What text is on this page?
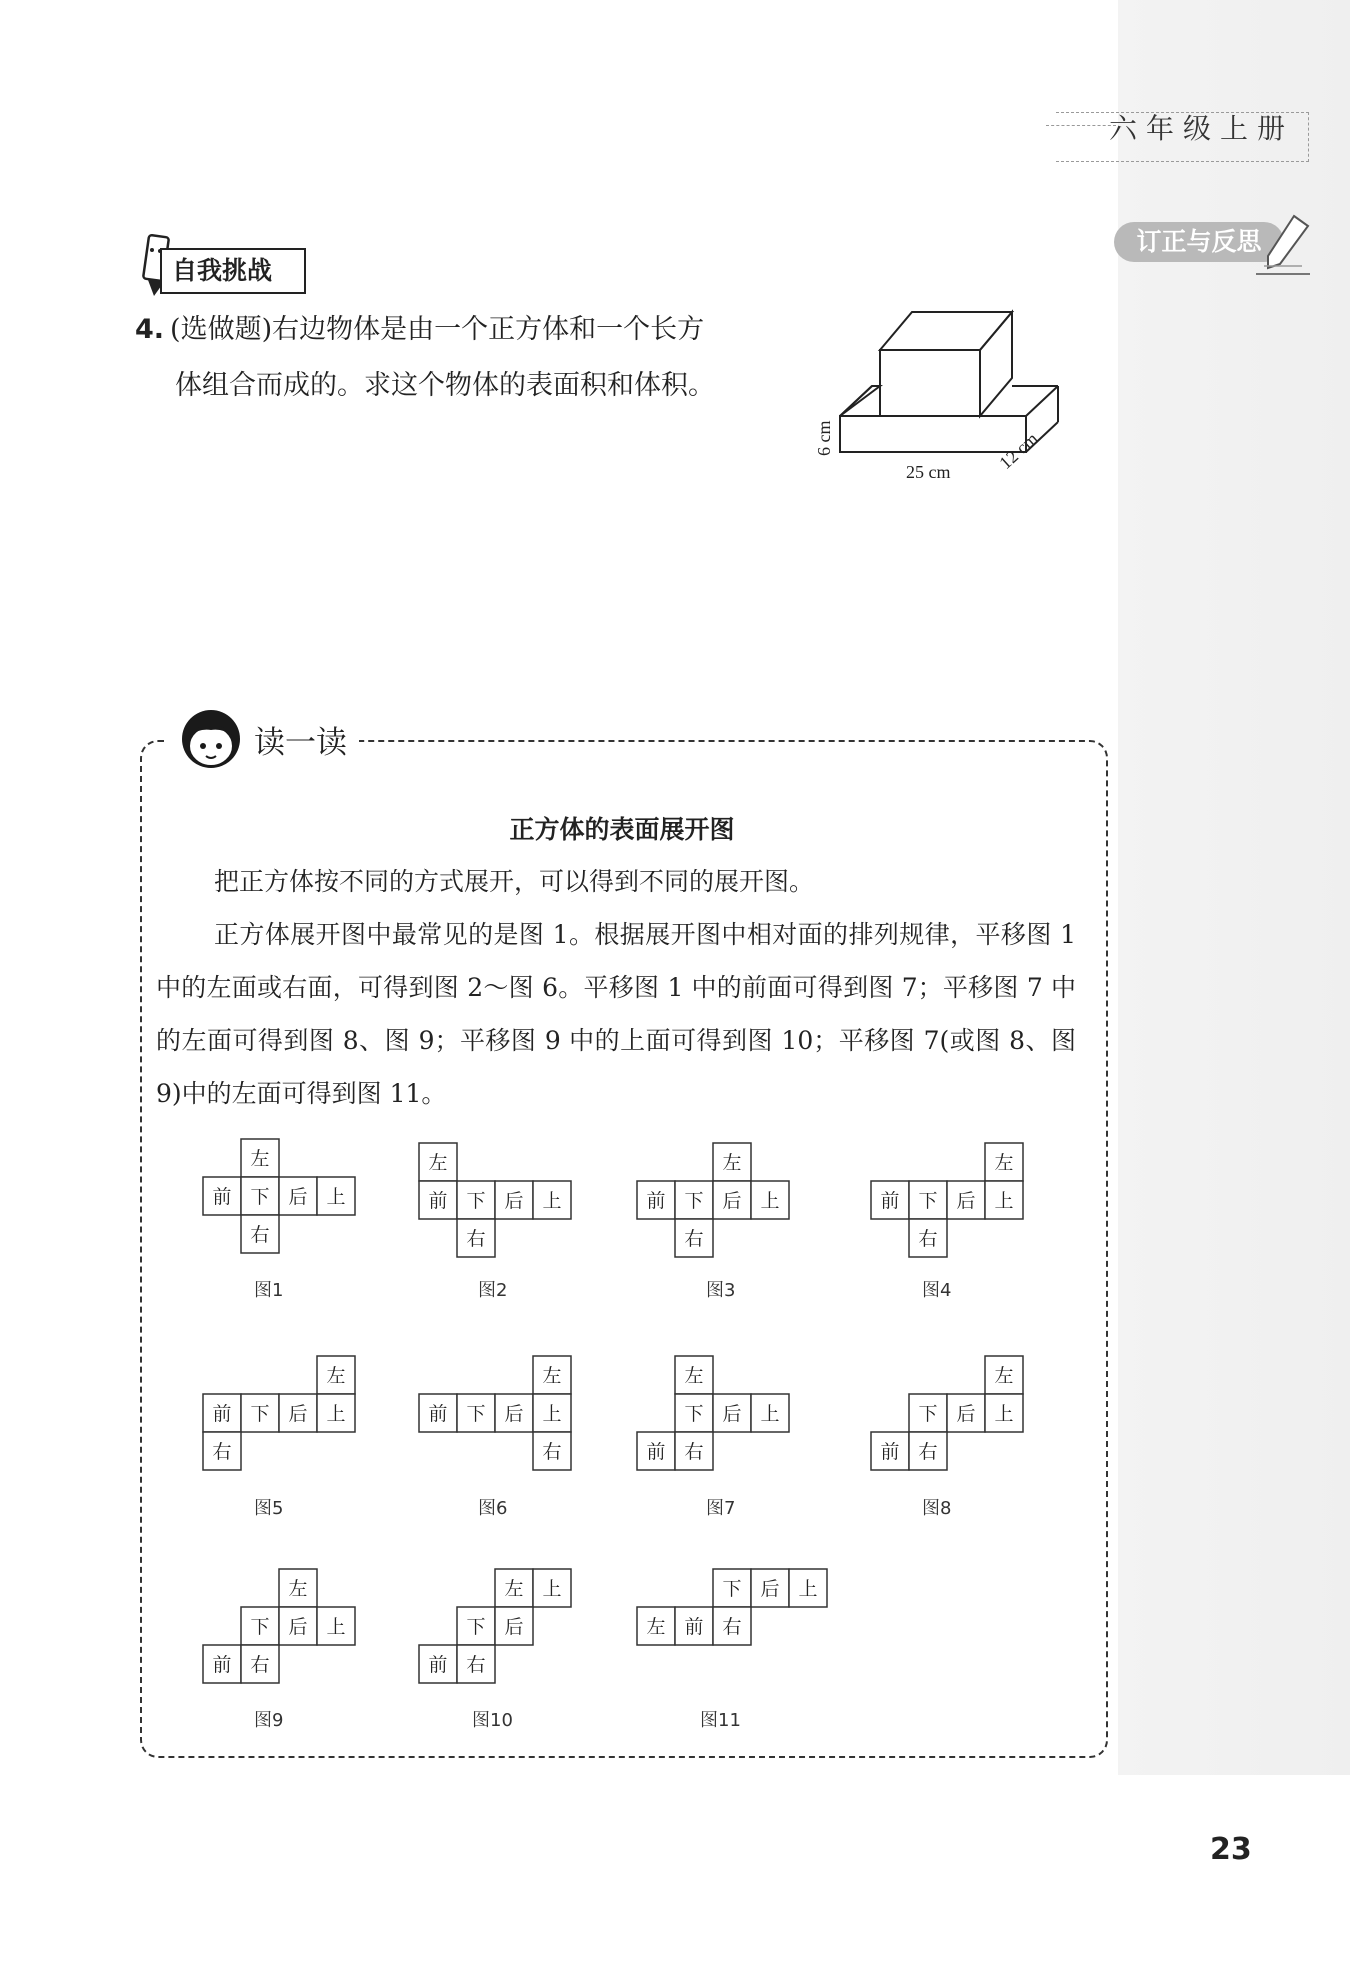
六年级上册
订正与反思
自我挑战
4. (选做题)右边物体是由一个正方体和一个长方
体组合而成的。求这个物体的表面积和体积。
6 cm
25 cm 12 cm
读一读
正方体的表面展开图
把正方体按不同的方式展开，可以得到不同的展开图。
正方体展开图中最常见的是图 1。根据展开图中相对面的排列规律，平移图 1 中的左面或右面，可得到图 2～图 6。平移图 1 中的前面可得到图 7；平移图 7 中的左面可得到图 8、图 9；平移图 9 中的上面可得到图 10；平移图 7(或图 8、图 9)中的左面可得到图 11。
左
前 下 后 上
右
图1
左
前 下 后 上
右
图2
左
前 下 后 上
右
图3
左
前 下 后 上
右
图4
左
前 下 后 上
右
图5
左
前 下 后 上
右
图6
左
下 后 上
前 右
图7
左
下 后 上
前 右
图8
左
下 后 上
前 右
图9
左 上
下 后
前 右
图10
下 后 上
左 前 右
图11
23
